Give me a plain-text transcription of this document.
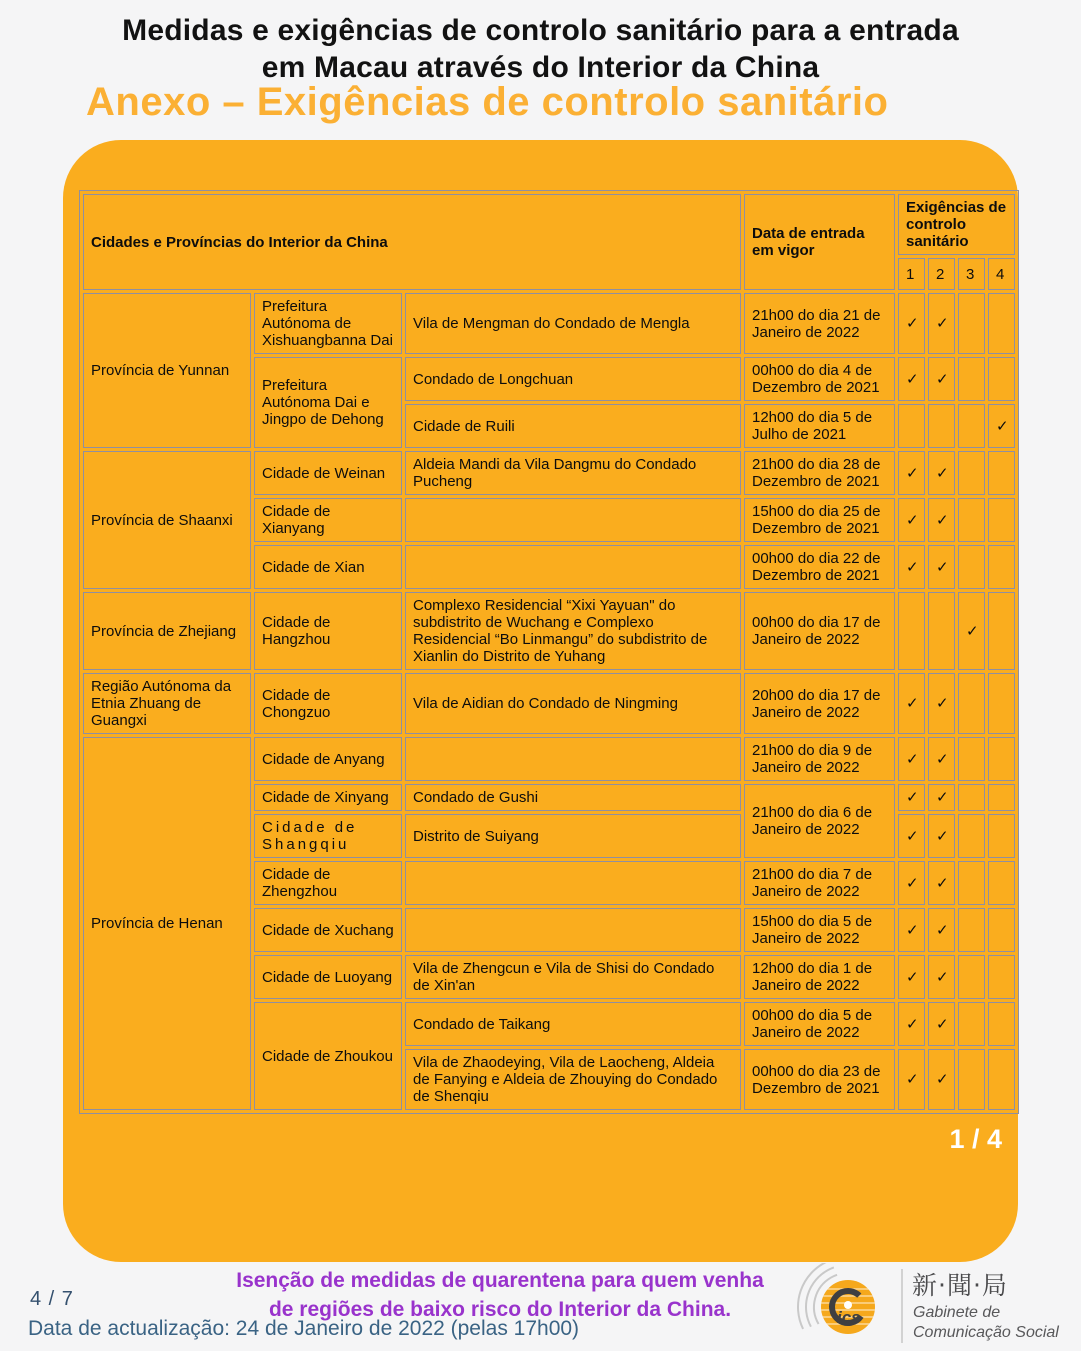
Medidas e exigências de controlo sanitário para a entrada
em Macau através do Interior da China
Anexo – Exigências de controlo sanitário
Cidades e Províncias do Interior da China			Data de entrada em vigor	Exigências de controlo sanitário			
				1	2	3	4
Província de Yunnan	Prefeitura Autónoma de Xishuangbanna Dai	Vila de Mengman do Condado de Mengla	21h00 do dia 21 de Janeiro de 2022	✓	✓		
	Prefeitura Autónoma Dai e Jingpo de Dehong	Condado de Longchuan	00h00 do dia 4 de Dezembro de 2021	✓	✓		
		Cidade de Ruili	12h00 do dia 5 de Julho de 2021				✓
Província de Shaanxi	Cidade de Weinan	Aldeia Mandi da Vila Dangmu do Condado Pucheng	21h00 do dia 28 de Dezembro de 2021	✓	✓		
	Cidade de Xianyang		15h00 do dia 25 de Dezembro de 2021	✓	✓		
	Cidade de Xian		00h00 do dia 22 de Dezembro de 2021	✓	✓		
Província de Zhejiang	Cidade de Hangzhou	Complexo Residencial “Xixi Yayuan" do subdistrito de Wuchang e Complexo Residencial “Bo Linmangu” do subdistrito de Xianlin do Distrito de Yuhang	00h00 do dia 17 de Janeiro de 2022			✓	
Região Autónoma da Etnia Zhuang de Guangxi	Cidade de Chongzuo	Vila de Aidian do Condado de Ningming	20h00 do dia 17 de Janeiro de 2022	✓	✓		
Província de Henan	Cidade de Anyang		21h00 do dia 9 de Janeiro de 2022	✓	✓		
	Cidade de Xinyang	Condado de Gushi	21h00 do dia 6 de Janeiro de 2022	✓	✓		
	Cidade de Shangqiu	Distrito de Suiyang		✓	✓		
	Cidade de Zhengzhou		21h00 do dia 7 de Janeiro de 2022	✓	✓		
	Cidade de Xuchang		15h00 do dia 5 de Janeiro de 2022	✓	✓		
	Cidade de Luoyang	Vila de Zhengcun e Vila de Shisi do Condado de Xin'an	12h00 do dia 1 de Janeiro de 2022	✓	✓		
	Cidade de Zhoukou	Condado de Taikang	00h00 do dia 5 de Janeiro de 2022	✓	✓		
		Vila de Zhaodeying, Vila de Laocheng, Aldeia de Fanying e Aldeia de Zhouying do Condado de Shenqiu	00h00 do dia 23 de Dezembro de 2021	✓	✓		
1 / 4
4 / 7
Isenção de medidas de quarentena para quem venha
de regiões de baixo risco do Interior da China.
Data de actualização: 24 de Janeiro de 2022 (pelas 17h00)	ics
新‧聞‧局
Gabinete de
Comunicação Social
